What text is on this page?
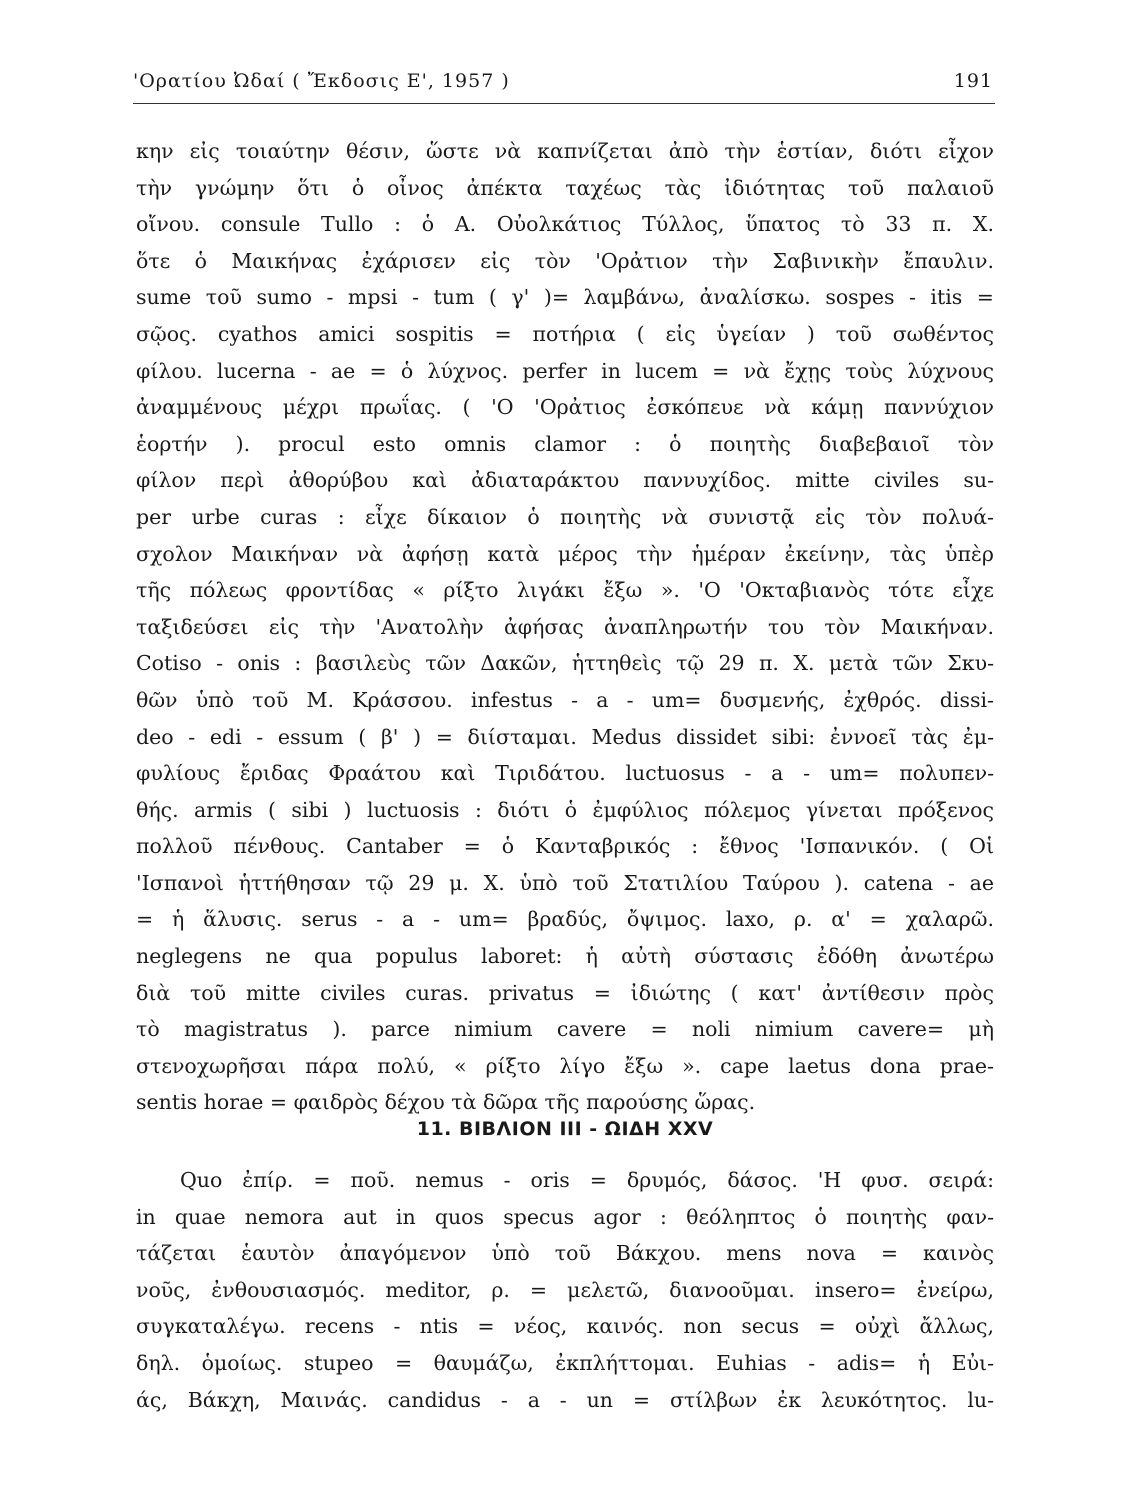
'Ορατίου Ὠδαί ( Ἔκδοσις Ε', 1957 )	191
κην εἰς τοιαύτην θέσιν, ὥστε νὰ καπνίζεται ἀπὸ τὴν ἑστίαν, διότι εἶχον
τὴν γνώμην ὅτι ὁ οἶνος ἀπέκτα ταχέως τὰς ἰδιότητας τοῦ παλαιοῦ
οἴνου. consule Tullo : ὁ Α. Οὐολκάτιος Τύλλος, ὕπατος τὸ 33 π. Χ.
ὅτε ὁ Μαικήνας ἐχάρισεν εἰς τὸν 'Ορἀτιον τὴν Σαβινικὴν ἔπαυλιν.
sume τοῦ sumo - mpsi - tum ( γ' )= λαμβάνω, ἀναλίσκω. sospes - itis =
σῷος. cyathos amici sospitis = ποτήρια ( εἰς ὑγείαν ) τοῦ σωθέντος
φίλου. lucerna - ae = ὁ λύχνος. perfer in lucem = νὰ ἔχῃς τοὺς λύχνους
ἀναμμένους μέχρι πρωΐας. ( 'Ο 'Ορἀτιος ἐσκόπευε νὰ κάμῃ παννύχιον
ἑορτήν ). procul esto omnis clamor : ὁ ποιητὴς διαβεβαιοῖ τὸν
φίλον περὶ ἀθορύβου καὶ ἀδιαταράκτου παννυχίδος. mitte civiles su-
per urbe curas : εἶχε δίκαιον ὁ ποιητὴς νὰ συνιστᾷ εἰς τὸν πολυά-
σχολον Μαικήναν νὰ ἀφήσῃ κατὰ μέρος τὴν ἡμέραν ἐκείνην, τὰς ὑπὲρ
τῆς πόλεως φροντίδας « ρίξτο λιγάκι ἔξω ». 'Ο 'Οκταβιανὸς τότε εἶχε
ταξιδεύσει εἰς τὴν 'Ανατολὴν ἀφήσας ἀναπληρωτήν του τὸν Μαικήναν.
Cotiso - onis : βασιλεὺς τῶν Δακῶν, ἡττηθεὶς τῷ 29 π. Χ. μετὰ τῶν Σκυ-
θῶν ὑπὸ τοῦ Μ. Κράσσου. infestus - a - um= δυσμενής, ἐχθρός. dissi-
deo - edi - essum ( β' ) = διίσταμαι. Medus dissidet sibi: ἐννοεῖ τὰς ἐμ-
φυλίους ἔριδας Φραάτου καὶ Τιριδάτου. luctuosus - a - um= πολυπεν-
θής. armis ( sibi ) luctuosis : διότι ὁ ἐμφύλιος πόλεμος γίνεται πρόξενος
πολλοῦ πένθους. Cantaber = ὁ Κανταβρικός : ἔθνος 'Ισπανικόν. ( Οἱ
'Ισπανοὶ ἡττήθησαν τῷ 29 μ. Χ. ὑπὸ τοῦ Στατιλίου Ταύρου ). catena - ae
= ἡ ἅλυσις. serus - a - um= βραδύς, ὄψιμος. laxo, ρ. α' = χαλαρῶ.
neglegens ne qua populus laboret: ἡ αὐτὴ σύστασις ἐδόθη ἀνωτέρω
διὰ τοῦ mitte civiles curas. privatus = ἰδιώτης ( κατ' ἀντίθεσιν πρὸς
τὸ magistratus ). parce nimium cavere = noli nimium cavere= μὴ
στενοχωρῆσαι πάρα πολύ, « ρίξτο λίγο ἔξω ». cape laetus dona prae-
sentis horae = φαιδρὸς δέχου τὰ δῶρα τῆς παρούσης ὥρας.
11. ΒΙΒΛΙΟΝ ΙΙΙ - ΩΙΔΗ XXV
Quo ἐπίρ. = ποῦ. nemus - oris = δρυμός, δάσος. 'Η φυσ. σειρά:
in quae nemora aut in quos specus agor : θεόληπτος ὁ ποιητὴς φαν-
τάζεται ἑαυτὸν ἀπαγόμενον ὑπὸ τοῦ Βάκχου. mens nova = καινὸς
νοῦς, ἐνθουσιασμός. meditor, ρ. = μελετῶ, διανοοῦμαι. insero= ἐνείρω,
συγκαταλέγω. recens - ntis = νέος, καινός. non secus = οὐχὶ ἄλλως,
δηλ. ὁμοίως. stupeo = θαυμάζω, ἐκπλήττομαι. Euhias - adis= ἡ Εὐι-
άς, Βάκχη, Μαινάς. candidus - a - un = στίλβων ἐκ λευκότητος. lu-
